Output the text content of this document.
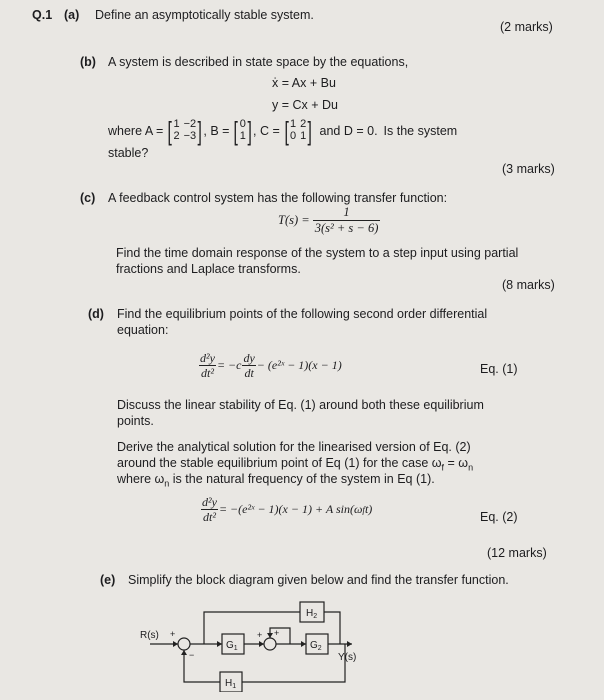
Q.1 (a) Define an asymptotically stable system.
(2 marks)
(b) A system is described in state space by the equations,
ẋ = Ax + Bu
y = Cx + Du
where A = [ 1 −2
2 −3 ] , B = [ 0
1 ] , C = [ 1 2
0 1 ] and D = 0. Is the system
stable?
(3 marks)
(c) A feedback control system has the following transfer function:
$T(s) = \frac{1}{\text{3(s² + s − 6)}}$
Find the time domain response of the system to a step input using partial
fractions and Laplace transforms.
(8 marks)
(d) Find the equilibrium points of the following second order differential
equation:
$\frac{\text{d²y}}{\text{dt²}} = -c \frac{dy}{dt}$ − (e²ˣ − 1)(x − 1)	Eq. (1)
Discuss the linear stability of Eq. (1) around both these equilibrium
points.
Derive the analytical solution for the linearised version of Eq. (2)
around the stable equilibrium point of Eq (1) for the case $\omega_f = \omega_n$
where $\omega_n$ is the natural frequency of the system in Eq (1).
$\frac{\text{d²y}}{\text{dt²}}$ = −(e²ˣ − 1)(x − 1) + A sin(ω f t)
Eq. (2)
(12 marks)
(e) Simplify the block diagram given below and find the transfer function.
R(s)
Y(s)
$G_1$	$G_2$
$H_2$
$H_1$
+
−
+
+
